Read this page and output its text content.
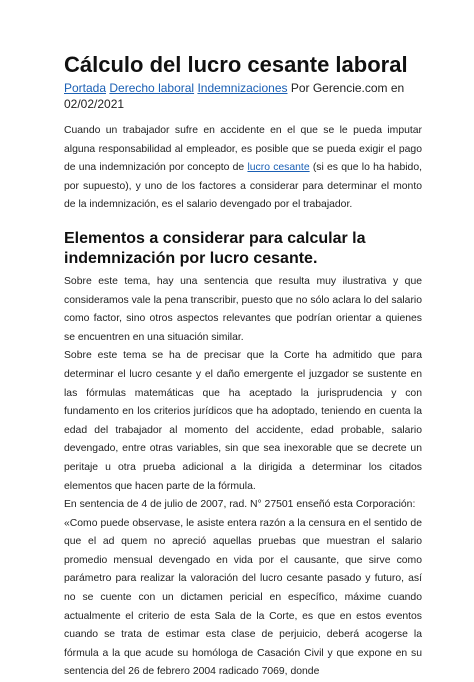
Cálculo del lucro cesante laboral
Portada Derecho laboral Indemnizaciones Por Gerencie.com en 02/02/2021

Cuando un trabajador sufre en accidente en el que se le pueda imputar alguna responsabilidad al empleador, es posible que se pueda exigir el pago de una indemnización por concepto de lucro cesante (si es que lo ha habido, por supuesto), y uno de los factores a considerar para determinar el monto de la indemnización, es el salario devengado por el trabajador.

Elementos a considerar para calcular la indemnización por lucro cesante.

Sobre este tema, hay una sentencia que resulta muy ilustrativa y que consideramos vale la pena transcribir, puesto que no sólo aclara lo del salario como factor, sino otros aspectos relevantes que podrían orientar a quienes se encuentren en una situación similar.

Sobre este tema se ha de precisar que la Corte ha admitido que para determinar el lucro cesante y el daño emergente el juzgador se sustente en las fórmulas matemáticas que ha aceptado la jurisprudencia y con fundamento en los criterios jurídicos que ha adoptado, teniendo en cuenta la edad del trabajador al momento del accidente, edad probable, salario devengado, entre otras variables, sin que sea inexorable que se decrete un peritaje u otra prueba adicional a la dirigida a determinar los citados elementos que hacen parte de la fórmula.

En sentencia de 4 de julio de 2007, rad. N° 27501 enseñó esta Corporación:

«Como puede observase, le asiste entera razón a la censura en el sentido de que el ad quem no apreció aquellas pruebas que muestran el salario promedio mensual devengado en vida por el causante, que sirve como parámetro para realizar la valoración del lucro cesante pasado y futuro, así no se cuente con un dictamen pericial en específico, máxime cuando actualmente el criterio de esta Sala de la Corte, es que en estos eventos cuando se trata de estimar esta clase de perjuicio, deberá acogerse la fórmula a la que acude su homóloga de Casación Civil y que expone en su sentencia del 26 de febrero 2004 radicado 7069, donde
